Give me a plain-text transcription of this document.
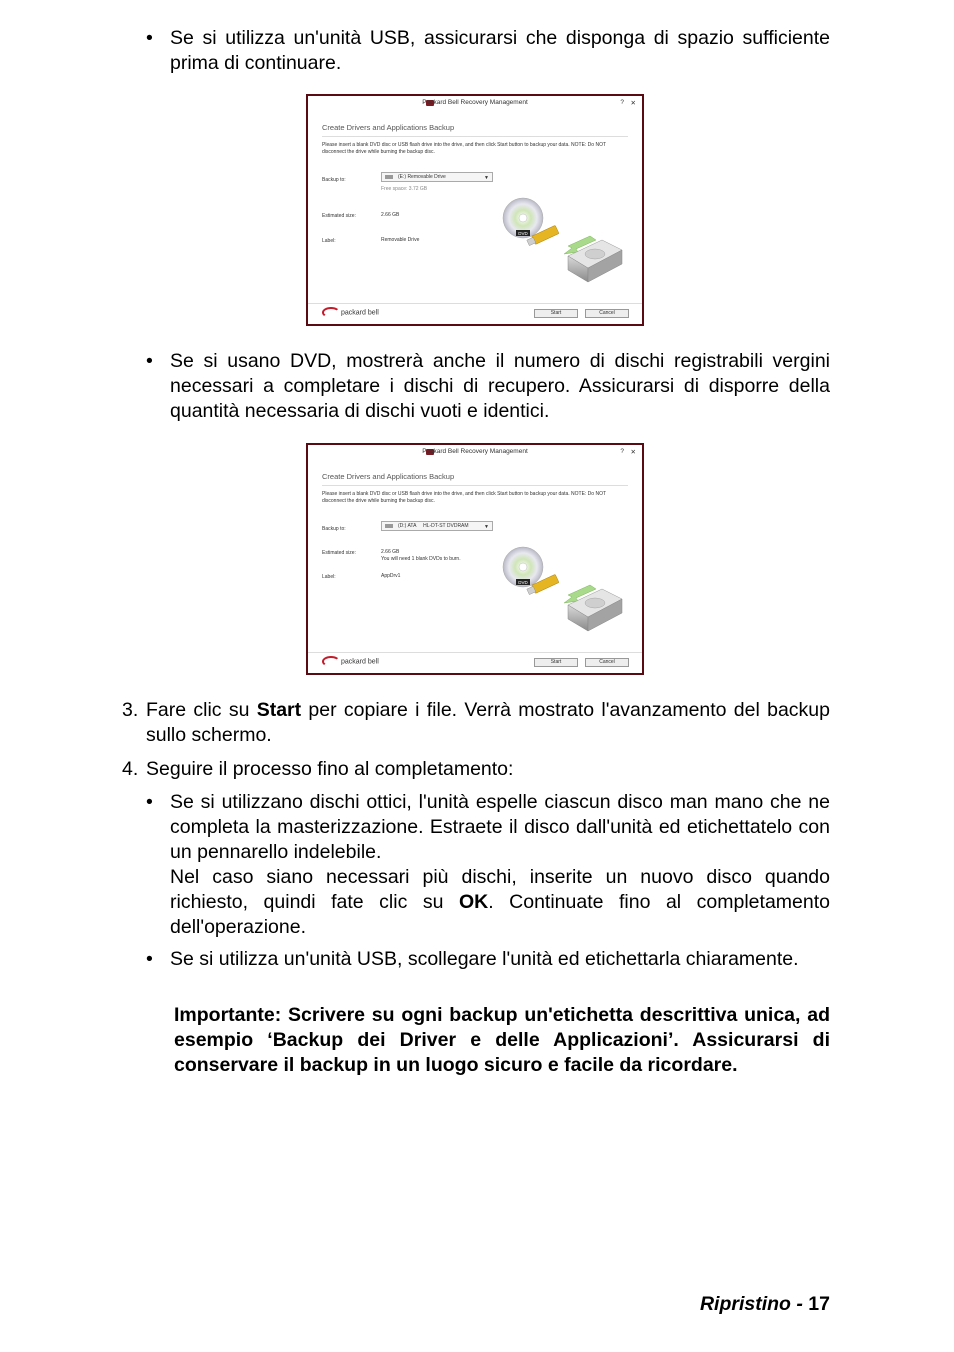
• Se si utilizza un'unità USB, assicurarsi che disponga di spazio sufficiente prima di continuare.
Packard Bell Recovery Management	? ✕
Create Drivers and Applications Backup
Please insert a blank DVD disc or USB flash drive into the drive, and then click Start button to backup your data. NOTE: Do NOT disconnect the drive while burning the backup disc.
Backup to:	(E:) Removable Drive	▼
Free space: 3.72 GB
Estimated size:	2.66 GB
Label:	Removable Drive
DVD
packard bell	Start	Cancel
• Se si usano DVD, mostrerà anche il numero di dischi registrabili vergini necessari a completare i dischi di recupero. Assicurarsi di disporre della quantità necessaria di dischi vuoti e identici.
Packard Bell Recovery Management	? ✕
Create Drivers and Applications Backup
Please insert a blank DVD disc or USB flash drive into the drive, and then click Start button to backup your data. NOTE: Do NOT disconnect the drive while burning the backup disc.
Backup to:	(D:) ATA     HL-DT-ST DVDRAM	▼
Estimated size:	2.66 GB
You will need 1 blank DVDs to burn.
Label:	AppDrv1
DVD
packard bell	Start	Cancel
3. Fare clic su Start per copiare i file. Verrà mostrato l'avanzamento del backup sullo schermo.
4. Seguire il processo fino al completamento:
• Se si utilizzano dischi ottici, l'unità espelle ciascun disco man mano che ne completa la masterizzazione. Estraete il disco dall'unità ed etichettatelo con un pennarello indelebile.
Nel caso siano necessari più dischi, inserite un nuovo disco quando richiesto, quindi fate clic su OK. Continuate fino al completamento dell'operazione.
• Se si utilizza un'unità USB, scollegare l'unità ed etichettarla chiaramente.
Importante: Scrivere su ogni backup un'etichetta descrittiva unica, ad esempio ‘Backup dei Driver e delle Applicazioni’. Assicurarsi di conservare il backup in un luogo sicuro e facile da ricordare.
Ripristino - 17
